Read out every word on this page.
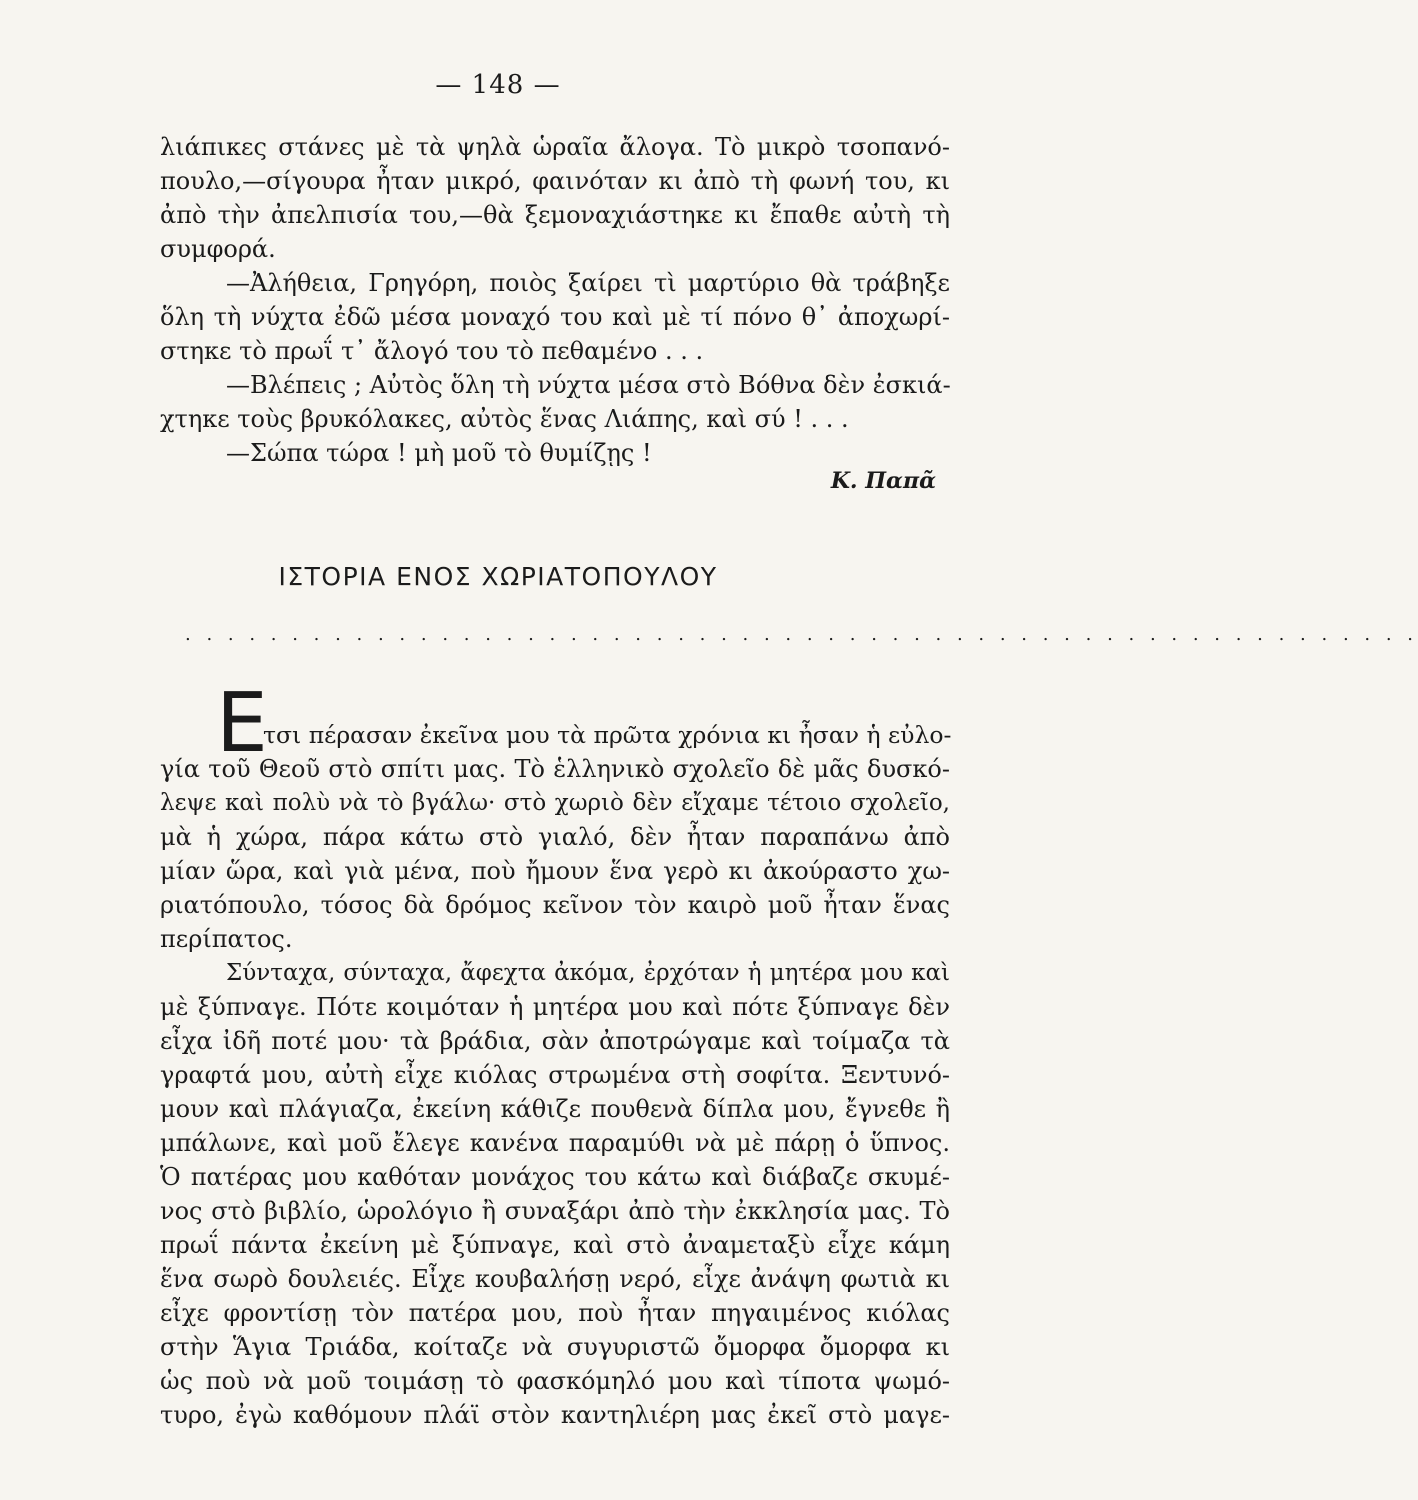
— 148 —
λιάπικες στάνες μὲ τὰ ψηλὰ ὡραῖα ἄλογα. Τὸ μικρὸ τσοπανό-
πουλο,—σίγουρα ἦταν μικρό, φαινόταν κι ἀπὸ τὴ φωνή του, κι
ἀπὸ τὴν ἀπελπισία του,—θὰ ξεμοναχιάστηκε κι ἔπαθε αὐτὴ τὴ
συμφορά.
—Ἀλήθεια, Γρηγόρη, ποιὸς ξαίρει τὶ μαρτύριο θὰ τράβηξε
ὅλη τὴ νύχτα ἐδῶ μέσα μοναχό του καὶ μὲ τί πόνο θ᾽ ἀποχωρί-
στηκε τὸ πρωΐ τ᾽ ἄλογό του τὸ πεθαμένο . . .
—Βλέπεις ; Αὐτὸς ὅλη τὴ νύχτα μέσα στὸ Βόθνα δὲν ἐσκιά-
χτηκε τοὺς βρυκόλακες, αὐτὸς ἕνας Λιάπης, καὶ σύ ! . . .
—Σώπα τώρα ! μὴ μοῦ τὸ θυμίζῃς !
Κ. Παπᾶ
ΙΣΤΟΡΙΑ ΕΝΟΣ ΧΩΡΙΑΤΟΠΟΥΛΟΥ
. . . . . . . . . . . . . . . . . . . . . . . . . . . . . . . . . . . . . . . . . . . . . . . . . . . . . . . . . .
Ε
τσι πέρασαν ἐκεῖνα μου τὰ πρῶτα χρόνια κι ἦσαν ἡ εὐλο-
γία τοῦ Θεοῦ στὸ σπίτι μας. Τὸ ἑλληνικὸ σχολεῖο δὲ μᾶς δυσκό-
λεψε καὶ πολὺ νὰ τὸ βγάλω· στὸ χωριὸ δὲν εἴχαμε τέτοιο σχολεῖο,
μὰ ἡ χώρα, πάρα κάτω στὸ γιαλό, δὲν ἦταν παραπάνω ἀπὸ
μίαν ὥρα, καὶ γιὰ μένα, ποὺ ἤμουν ἕνα γερὸ κι ἀκούραστο χω-
ριατόπουλο, τόσος δὰ δρόμος κεῖνον τὸν καιρὸ μοῦ ἦταν ἕνας
περίπατος.
Σύνταχα, σύνταχα, ἄφεχτα ἀκόμα, ἐρχόταν ἡ μητέρα μου καὶ
μὲ ξύπναγε. Πότε κοιμόταν ἡ μητέρα μου καὶ πότε ξύπναγε δὲν
εἶχα ἰδῆ ποτέ μου· τὰ βράδια, σὰν ἀποτρώγαμε καὶ τοίμαζα τὰ
γραφτά μου, αὐτὴ εἶχε κιόλας στρωμένα στὴ σοφίτα. Ξεντυνό-
μουν καὶ πλάγιαζα, ἐκείνη κάθιζε πουθενὰ δίπλα μου, ἔγνεθε ἢ
μπάλωνε, καὶ μοῦ ἔλεγε κανένα παραμύθι νὰ μὲ πάρῃ ὁ ὕπνος.
Ὁ πατέρας μου καθόταν μονάχος του κάτω καὶ διάβαζε σκυμέ-
νος στὸ βιβλίο, ὡρολόγιο ἢ συναξάρι ἀπὸ τὴν ἐκκλησία μας. Τὸ
πρωΐ πάντα ἐκείνη μὲ ξύπναγε, καὶ στὸ ἀναμεταξὺ εἶχε κάμη
ἕνα σωρὸ δουλειές. Εἶχε κουβαλήσῃ νερό, εἶχε ἀνάψη φωτιὰ κι
εἶχε φροντίσῃ τὸν πατέρα μου, ποὺ ἦταν πηγαιμένος κιόλας
στὴν Ἅγια Τριάδα, κοίταζε νὰ συγυριστῶ ὄμορφα ὄμορφα κι
ὡς ποὺ νὰ μοῦ τοιμάσῃ τὸ φασκόμηλό μου καὶ τίποτα ψωμό-
τυρο, ἐγὼ καθόμουν πλάϊ στὸν καντηλιέρη μας ἐκεῖ στὸ μαγε-
